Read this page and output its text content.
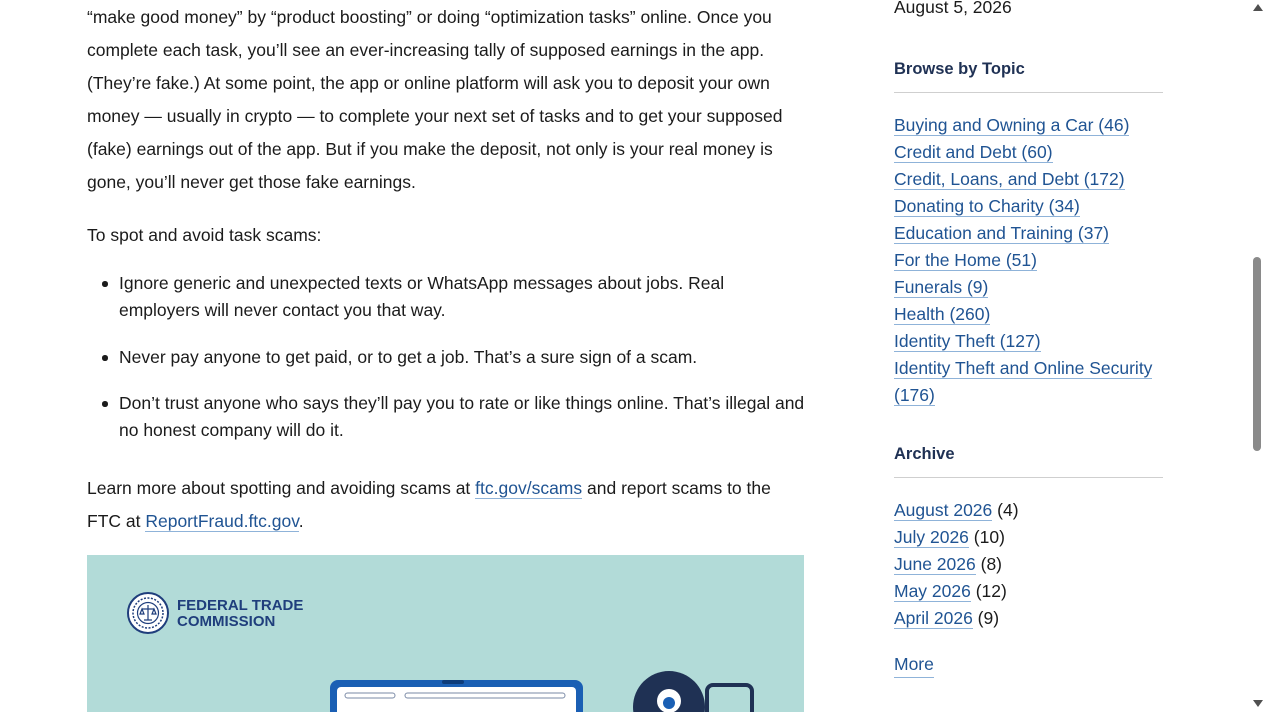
“make good money” by “product boosting” or doing “optimization tasks” online. Once you complete each task, you’ll see an ever-increasing tally of supposed earnings in the app. (They’re fake.) At some point, the app or online platform will ask you to deposit your own money — usually in crypto — to complete your next set of tasks and to get your supposed (fake) earnings out of the app. But if you make the deposit, not only is your real money is gone, you’ll never get those fake earnings.

To spot and avoid task scams:

Ignore generic and unexpected texts or WhatsApp messages about jobs. Real employers will never contact you that way.
Never pay anyone to get paid, or to get a job. That’s a sure sign of a scam.
Don’t trust anyone who says they’ll pay you to rate or like things online. That’s illegal and no honest company will do it.

Learn more about spotting and avoiding scams at ftc.gov/scams and report scams to the FTC at ReportFraud.ftc.gov.

FEDERAL TRADE
COMMISSION
August 5, 2026
Browse by Topic
Buying and Owning a Car (46)
Credit and Debt (60)
Credit, Loans, and Debt (172)
Donating to Charity (34)
Education and Training (37)
For the Home (51)
Funerals (9)
Health (260)
Identity Theft (127)
Identity Theft and Online Security (176)
Archive
August 2026 (4)
July 2026 (10)
June 2026 (8)
May 2026 (12)
April 2026 (9)
More
